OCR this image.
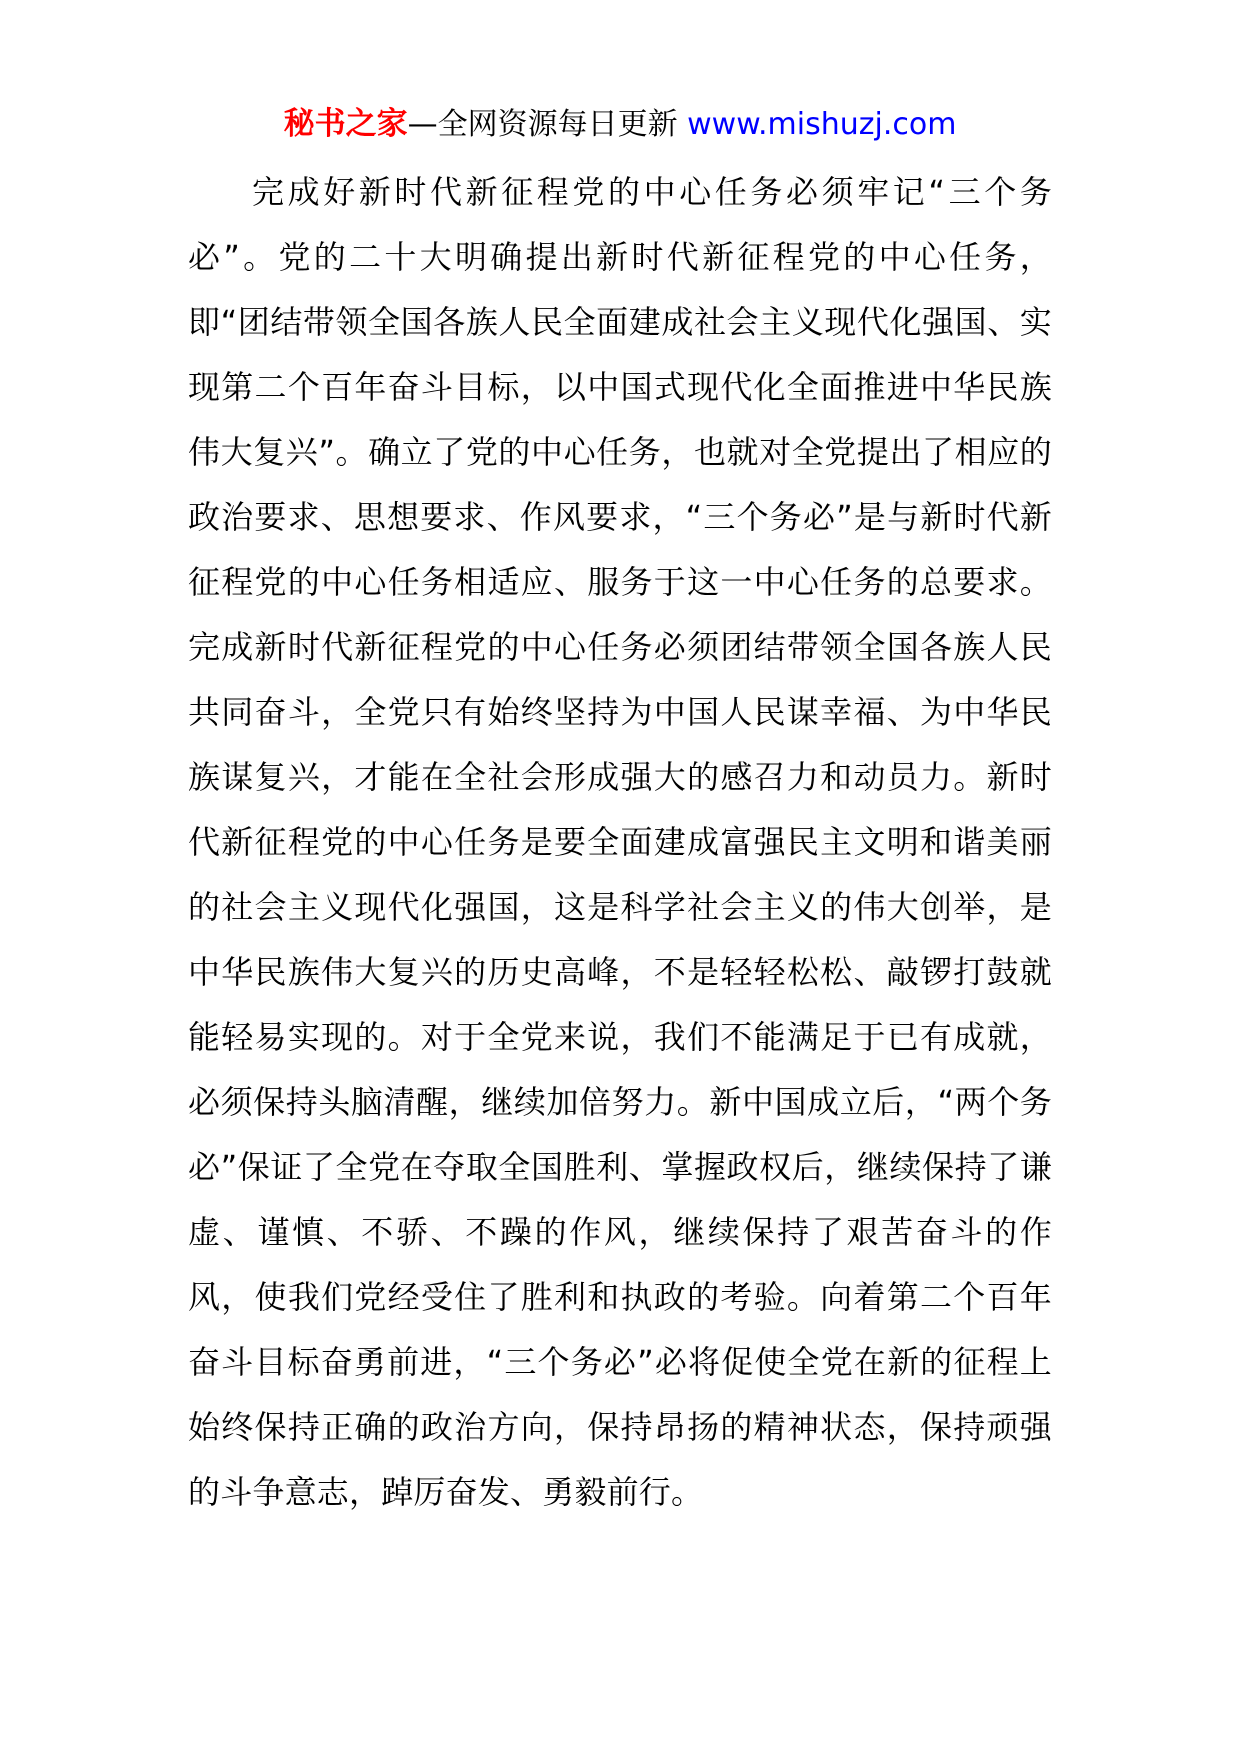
秘书之家—全网资源每日更新 www.mishuzj.com

完成好新时代新征程党的中心任务必须牢记“三个务必”。党的二十大明确提出新时代新征程党的中心任务，即“团结带领全国各族人民全面建成社会主义现代化强国、实现第二个百年奋斗目标，以中国式现代化全面推进中华民族伟大复兴”。确立了党的中心任务，也就对全党提出了相应的政治要求、思想要求、作风要求，“三个务必”是与新时代新征程党的中心任务相适应、服务于这一中心任务的总要求。完成新时代新征程党的中心任务必须团结带领全国各族人民共同奋斗，全党只有始终坚持为中国人民谋幸福、为中华民族谋复兴，才能在全社会形成强大的感召力和动员力。新时代新征程党的中心任务是要全面建成富强民主文明和谐美丽的社会主义现代化强国，这是科学社会主义的伟大创举，是中华民族伟大复兴的历史高峰，不是轻轻松松、敲锣打鼓就能轻易实现的。对于全党来说，我们不能满足于已有成就，必须保持头脑清醒，继续加倍努力。新中国成立后，“两个务必”保证了全党在夺取全国胜利、掌握政权后，继续保持了谦虚、谨慎、不骄、不躁的作风，继续保持了艰苦奋斗的作风，使我们党经受住了胜利和执政的考验。向着第二个百年奋斗目标奋勇前进，“三个务必”必将促使全党在新的征程上始终保持正确的政治方向，保持昂扬的精神状态，保持顽强的斗争意志，踔厉奋发、勇毅前行。
